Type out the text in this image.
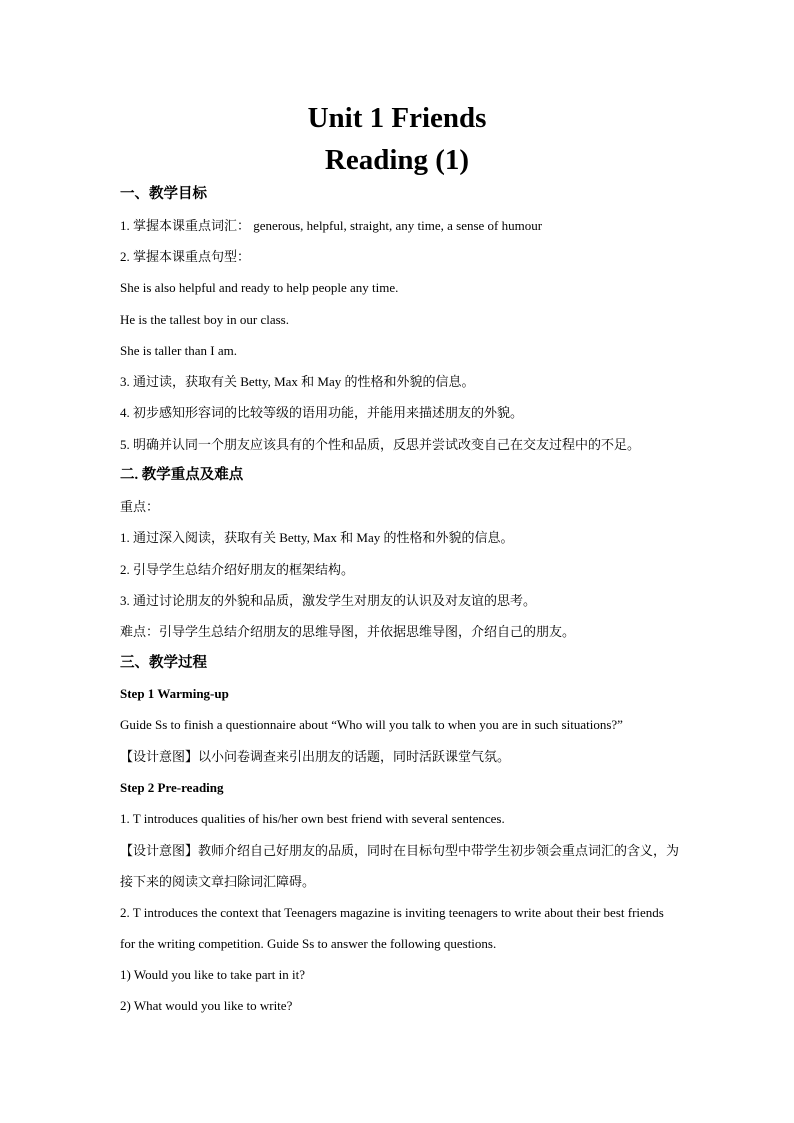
Unit 1 Friends
Reading (1)
一、教学目标
1. 掌握本课重点词汇： generous, helpful, straight, any time, a sense of humour
2. 掌握本课重点句型：
She is also helpful and ready to help people any time.
He is the tallest boy in our class.
She is taller than I am.
3. 通过读，获取有关 Betty, Max 和 May 的性格和外貌的信息。
4. 初步感知形容词的比较等级的语用功能，并能用来描述朋友的外貌。
5. 明确并认同一个朋友应该具有的个性和品质，反思并尝试改变自己在交友过程中的不足。
二. 教学重点及难点
重点：
1. 通过深入阅读，获取有关 Betty, Max 和 May 的性格和外貌的信息。
2. 引导学生总结介绍好朋友的框架结构。
3. 通过讨论朋友的外貌和品质，激发学生对朋友的认识及对友谊的思考。
难点：引导学生总结介绍朋友的思维导图，并依据思维导图，介绍自己的朋友。
三、教学过程
Step 1 Warming-up
Guide Ss to finish a questionnaire about “Who will you talk to when you are in such situations?”
【设计意图】以小问卷调查来引出朋友的话题，同时活跃课堂气氛。
Step 2 Pre-reading
1. T introduces qualities of his/her own best friend with several sentences.
【设计意图】教师介绍自己好朋友的品质，同时在目标句型中带学生初步领会重点词汇的含义，为接下来的阅读文章扫除词汇障碍。
2. T introduces the context that Teenagers magazine is inviting teenagers to write about their best friends for the writing competition. Guide Ss to answer the following questions.
1) Would you like to take part in it?
2) What would you like to write?
